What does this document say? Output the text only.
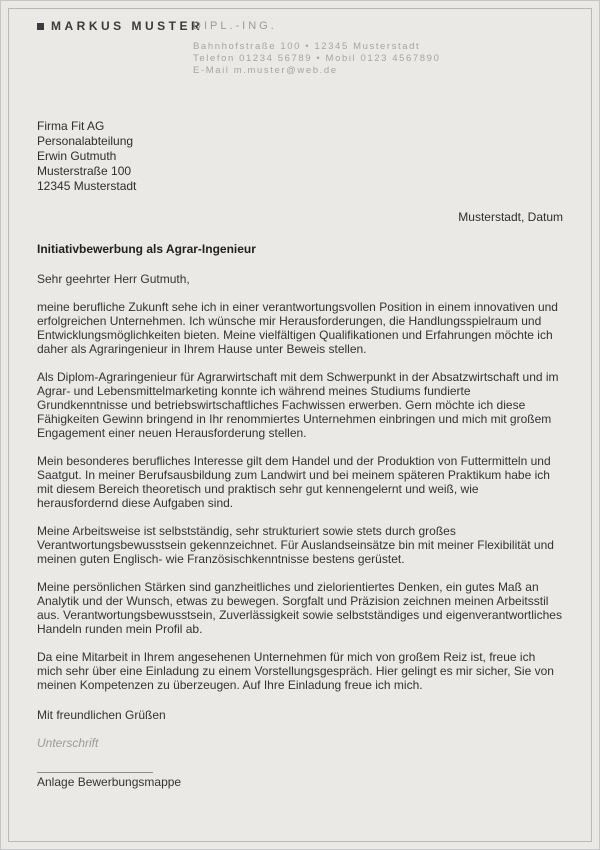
MARKUS MUSTER
DIPL.-ING.
Bahnhofstraße 100 • 12345 Musterstadt
Telefon 01234 56789 • Mobil 0123 4567890
E-Mail m.muster@web.de
Firma Fit AG
Personalabteilung
Erwin Gutmuth
Musterstraße 100
12345 Musterstadt
Musterstadt, Datum
Initiativbewerbung als Agrar-Ingenieur
Sehr geehrter Herr Gutmuth,

meine berufliche Zukunft sehe ich in einer verantwortungsvollen Position in einem innovativen und erfolgreichen Unternehmen. Ich wünsche mir Herausforderungen, die Handlungsspielraum und Entwicklungsmöglichkeiten bieten. Meine vielfältigen Qualifikationen und Erfahrungen möchte ich daher als Agraringenieur in Ihrem Hause unter Beweis stellen.

Als Diplom-Agraringenieur für Agrarwirtschaft mit dem Schwerpunkt in der Absatzwirtschaft und im Agrar- und Lebensmittelmarketing konnte ich während meines Studiums fundierte Grundkenntnisse und betriebswirtschaftliches Fachwissen erwerben. Gern möchte ich diese Fähigkeiten Gewinn bringend in Ihr renommiertes Unternehmen einbringen und mich mit großem Engagement einer neuen Herausforderung stellen.

Mein besonderes berufliches Interesse gilt dem Handel und der Produktion von Futtermitteln und Saatgut. In meiner Berufsausbildung zum Landwirt und bei meinem späteren Praktikum habe ich mit diesem Bereich theoretisch und praktisch sehr gut kennengelernt und weiß, wie herausfordernd diese Aufgaben sind.

Meine Arbeitsweise ist selbstständig, sehr strukturiert sowie stets durch großes Verantwortungsbewusstsein gekennzeichnet. Für Auslandseinsätze bin mit meiner Flexibilität und meinen guten Englisch- wie Französischkenntnisse bestens gerüstet.

Meine persönlichen Stärken sind ganzheitliches und zielorientiertes Denken, ein gutes Maß an Analytik und der Wunsch, etwas zu bewegen. Sorgfalt und Präzision zeichnen meinen Arbeitsstil aus. Verantwortungsbewusstsein, Zuverlässigkeit sowie selbstständiges und eigenverantwortliches Handeln runden mein Profil ab.

Da eine Mitarbeit in Ihrem angesehenen Unternehmen für mich von großem Reiz ist, freue ich mich sehr über eine Einladung zu einem Vorstellungsgespräch. Hier gelingt es mir sicher, Sie von meinen Kompetenzen zu überzeugen. Auf Ihre Einladung freue ich mich.

Mit freundlichen Grüßen
Unterschrift
Anlage Bewerbungsmappe
